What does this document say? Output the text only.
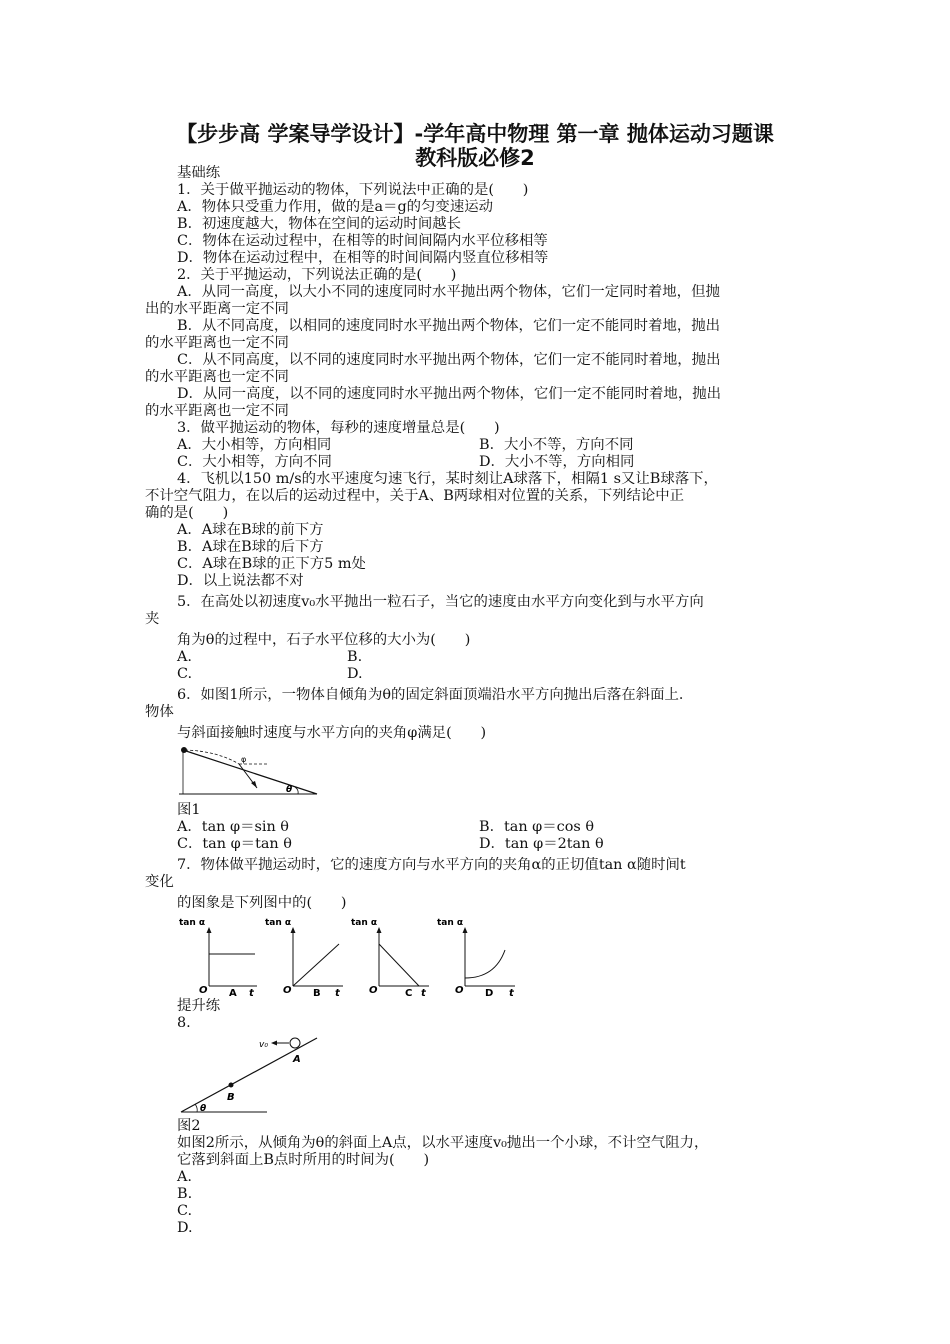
【步步高 学案导学设计】-学年高中物理 第一章 抛体运动习题课
教科版必修2
基础练
1．关于做平抛运动的物体，下列说法中正确的是(　　)
A．物体只受重力作用，做的是a＝g的匀变速运动
B．初速度越大，物体在空间的运动时间越长
C．物体在运动过程中，在相等的时间间隔内水平位移相等
D．物体在运动过程中，在相等的时间间隔内竖直位移相等
2．关于平抛运动，下列说法正确的是(　　)
A．从同一高度，以大小不同的速度同时水平抛出两个物体，它们一定同时着地，但抛
出的水平距离一定不同
B．从不同高度，以相同的速度同时水平抛出两个物体，它们一定不能同时着地，抛出
的水平距离也一定不同
C．从不同高度，以不同的速度同时水平抛出两个物体，它们一定不能同时着地，抛出
的水平距离也一定不同
D．从同一高度，以不同的速度同时水平抛出两个物体，它们一定不能同时着地，抛出
的水平距离也一定不同
3．做平抛运动的物体，每秒的速度增量总是(　　)
A．大小相等，方向相同	B．大小不等，方向不同
C．大小相等，方向不同	D．大小不等，方向相同
4．飞机以150 m/s的水平速度匀速飞行，某时刻让A球落下，相隔1 s又让B球落下，
不计空气阻力，在以后的运动过程中，关于A、B两球相对位置的关系，下列结论中正
确的是(　　)
A．A球在B球的前下方
B．A球在B球的后下方
C．A球在B球的正下方5 m处
D．以上说法都不对
5．在高处以初速度v₀水平抛出一粒石子，当它的速度由水平方向变化到与水平方向
夹
角为θ的过程中，石子水平位移的大小为(　　)
A.	B.
C.	D.
6．如图1所示，一物体自倾角为θ的固定斜面顶端沿水平方向抛出后落在斜面上．
物体
与斜面接触时速度与水平方向的夹角φ满足(　　)
φ
θ
图1
A．tan φ＝sin θ	B．tan φ＝cos θ
C．tan φ＝tan θ	D．tan φ＝2tan θ
7．物体做平抛运动时，它的速度方向与水平方向的夹角α的正切值tan α随时间t
变化
的图象是下列图中的(　　)
tan α
O	t
A
tan α
O	t
B
tan α
O	t
C
tan α
O	t
D
提升练
8.
v₀
A
B
θ
图2
如图2所示，从倾角为θ的斜面上A点，以水平速度v₀抛出一个小球，不计空气阻力，
它落到斜面上B点时所用的时间为(　　)
A.
B.
C.
D.
